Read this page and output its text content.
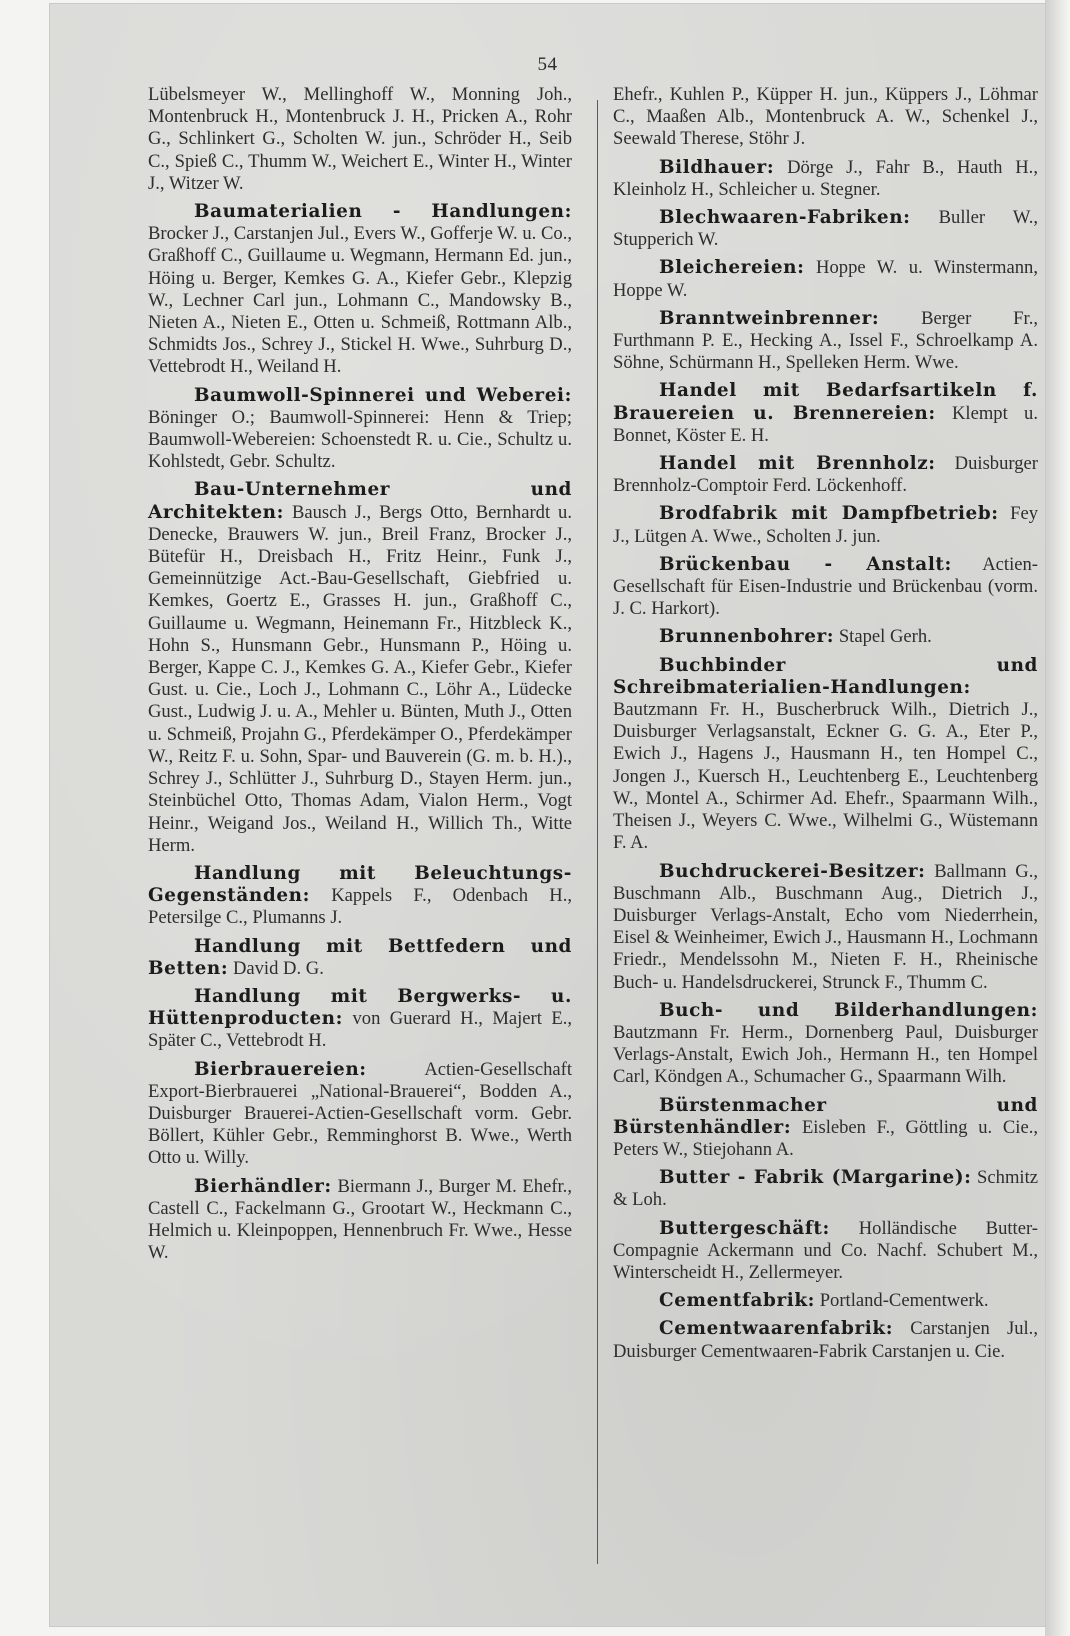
54

Lübelsmeyer W., Mellinghoff W., Monning Joh., Montenbruck H., Montenbruck J. H., Pricken A., Rohr G., Schlinkert G., Scholten W. jun., Schröder H., Seib C., Spieß C., Thumm W., Weichert E., Winter H., Winter J., Witzer W.

Baumaterialien - Handlungen: Brocker J., Carstanjen Jul., Evers W., Gofferje W. u. Co., Graßhoff C., Guillaume u. Wegmann, Hermann Ed. jun., Höing u. Berger, Kemkes G. A., Kiefer Gebr., Klepzig W., Lechner Carl jun., Lohmann C., Mandowsky B., Nieten A., Nieten E., Otten u. Schmeiß, Rottmann Alb., Schmidts Jos., Schrey J., Stickel H. Wwe., Suhrburg D., Vettebrodt H., Weiland H.

Baumwoll-Spinnerei und Weberei: Böninger O.; Baumwoll-Spinnerei: Henn & Triep; Baumwoll-Webereien: Schoenstedt R. u. Cie., Schultz u. Kohlstedt, Gebr. Schultz.

Bau-Unternehmer und Architekten: Bausch J., Bergs Otto, Bernhardt u. Denecke, Brauwers W. jun., Breil Franz, Brocker J., Bütefür H., Dreisbach H., Fritz Heinr., Funk J., Gemeinnützige Act.-Bau-Gesellschaft, Giebfried u. Kemkes, Goertz E., Grasses H. jun., Graßhoff C., Guillaume u. Wegmann, Heinemann Fr., Hitzbleck K., Hohn S., Hunsmann Gebr., Hunsmann P., Höing u. Berger, Kappe C. J., Kemkes G. A., Kiefer Gebr., Kiefer Gust. u. Cie., Loch J., Lohmann C., Löhr A., Lüdecke Gust., Ludwig J. u. A., Mehler u. Bünten, Muth J., Otten u. Schmeiß, Projahn G., Pferdekämper O., Pferdekämper W., Reitz F. u. Sohn, Spar- und Bauverein (G. m. b. H.)., Schrey J., Schlütter J., Suhrburg D., Stayen Herm. jun., Steinbüchel Otto, Thomas Adam, Vialon Herm., Vogt Heinr., Weigand Jos., Weiland H., Willich Th., Witte Herm.

Handlung mit Beleuchtungs-Gegenständen: Kappels F., Odenbach H., Petersilge C., Plumanns J.

Handlung mit Bettfedern und Betten: David D. G.

Handlung mit Bergwerks- u. Hüttenproducten: von Guerard H., Majert E., Später C., Vettebrodt H.

Bierbrauereien:	Actien-Gesellschaft Export-Bierbrauerei „National-Brauerei“, Bodden A., Duisburger Brauerei-Actien-Gesellschaft vorm. Gebr. Böllert, Kühler Gebr., Remminghorst B. Wwe., Werth Otto u. Willy.

Bierhändler: Biermann J., Burger M. Ehefr., Castell C., Fackelmann G., Grootart W., Heckmann C., Helmich u. Kleinpoppen, Hennenbruch Fr. Wwe., Hesse W.

Ehefr., Kuhlen P., Küpper H. jun., Küppers J., Löhmar C., Maaßen Alb., Montenbruck A. W., Schenkel J., Seewald Therese, Stöhr J.

Bildhauer: Dörge J., Fahr B., Hauth H., Kleinholz H., Schleicher u. Stegner.

Blechwaaren-Fabriken: Buller W., Stupperich W.

Bleichereien: Hoppe W. u. Winstermann, Hoppe W.

Branntweinbrenner: Berger Fr., Furthmann P. E., Hecking A., Issel F., Schroelkamp A. Söhne, Schürmann H., Spelleken Herm. Wwe.

Handel mit Bedarfsartikeln f. Brauereien u. Brennereien: Klempt u. Bonnet, Köster E. H.

Handel mit Brennholz: Duisburger Brennholz-Comptoir Ferd. Löckenhoff.

Brodfabrik mit Dampfbetrieb: Fey J., Lütgen A. Wwe., Scholten J. jun.

Brückenbau - Anstalt: Actien-Gesellschaft für Eisen-Industrie und Brückenbau (vorm. J. C. Harkort).

Brunnenbohrer: Stapel Gerh.

Buchbinder und Schreibmaterialien-Handlungen: Bautzmann Fr. H., Buscherbruck Wilh., Dietrich J., Duisburger Verlagsanstalt, Eckner G. G. A., Eter P., Ewich J., Hagens J., Hausmann H., ten Hompel C., Jongen J., Kuersch H., Leuchtenberg E., Leuchtenberg W., Montel A., Schirmer Ad. Ehefr., Spaarmann Wilh., Theisen J., Weyers C. Wwe., Wilhelmi G., Wüstemann F. A.

Buchdruckerei-Besitzer: Ballmann G., Buschmann Alb., Buschmann Aug., Dietrich J., Duisburger Verlags-Anstalt, Echo vom Niederrhein, Eisel & Weinheimer, Ewich J., Hausmann H., Lochmann Friedr., Mendelssohn M., Nieten F. H., Rheinische Buch- u. Handelsdruckerei, Strunck F., Thumm C.

Buch- und Bilderhandlungen: Bautzmann Fr. Herm., Dornenberg Paul, Duisburger Verlags-Anstalt, Ewich Joh., Hermann H., ten Hompel Carl, Köndgen A., Schumacher G., Spaarmann Wilh.

Bürstenmacher und Bürstenhändler: Eisleben F., Göttling u. Cie., Peters W., Stiejohann A.

Butter - Fabrik (Margarine): Schmitz & Loh.

Buttergeschäft: Holländische Butter-Compagnie Ackermann und Co. Nachf. Schubert M., Winterscheidt H., Zellermeyer.

Cementfabrik: Portland-Cementwerk.

Cementwaarenfabrik: Carstanjen Jul., Duisburger Cementwaaren-Fabrik Carstanjen u. Cie.
